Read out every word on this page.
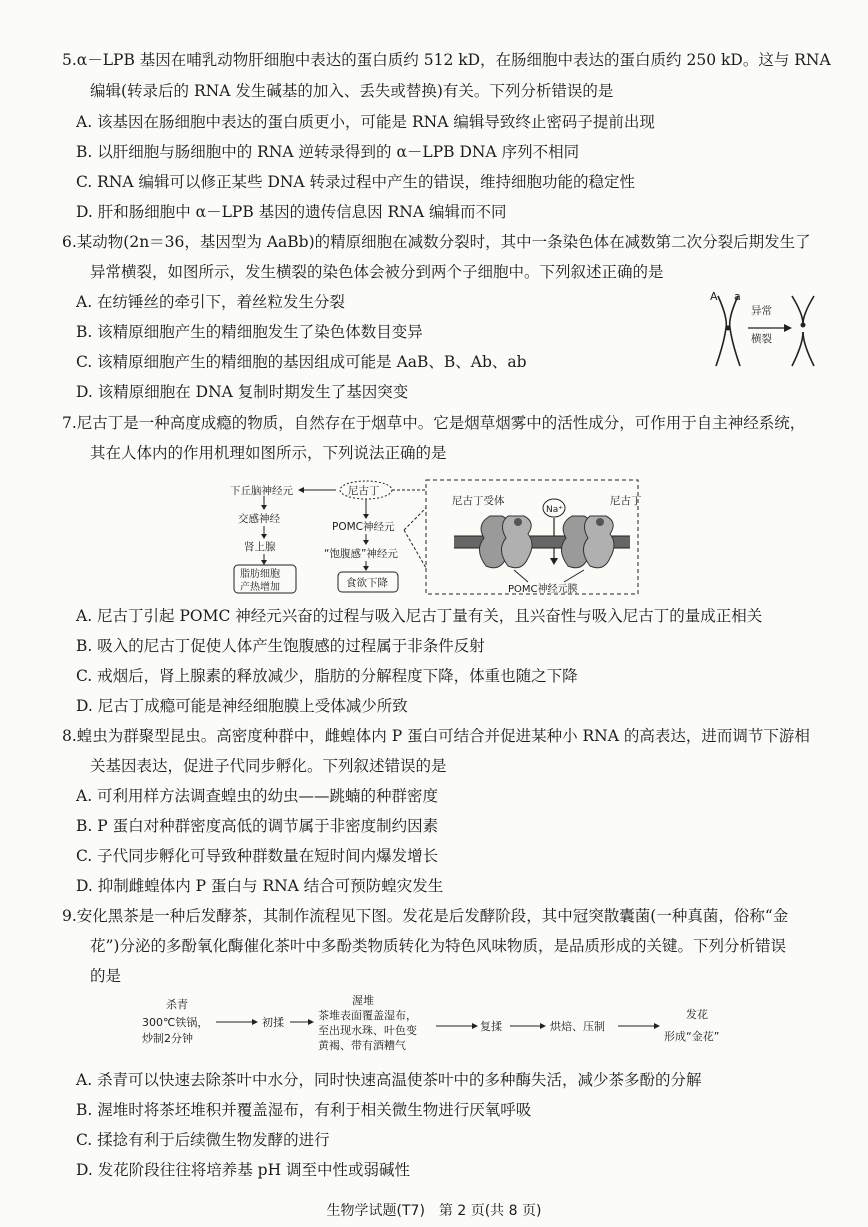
5.α－LPB 基因在哺乳动物肝细胞中表达的蛋白质约 512 kD，在肠细胞中表达的蛋白质约 250 kD。这与 RNA
编辑(转录后的 RNA 发生碱基的加入、丢失或替换)有关。下列分析错误的是
A. 该基因在肠细胞中表达的蛋白质更小，可能是 RNA 编辑导致终止密码子提前出现
B. 以肝细胞与肠细胞中的 RNA 逆转录得到的 α－LPB DNA 序列不相同
C. RNA 编辑可以修正某些 DNA 转录过程中产生的错误，维持细胞功能的稳定性
D. 肝和肠细胞中 α－LPB 基因的遗传信息因 RNA 编辑而不同
6.某动物(2n＝36，基因型为 AaBb)的精原细胞在减数分裂时，其中一条染色体在减数第二次分裂后期发生了
异常横裂，如图所示，发生横裂的染色体会被分到两个子细胞中。下列叙述正确的是
A. 在纺锤丝的牵引下，着丝粒发生分裂
B. 该精原细胞产生的精细胞发生了染色体数目变异
C. 该精原细胞产生的精细胞的基因组成可能是 AaB、B、Ab、ab
D. 该精原细胞在 DNA 复制时期发生了基因突变
A a
异常
横裂
7.尼古丁是一种高度成瘾的物质，自然存在于烟草中。它是烟草烟雾中的活性成分，可作用于自主神经系统，
其在人体内的作用机理如图所示，下列说法正确的是
下丘脑神经元	尼古丁
交感神经
肾上腺
脂肪细胞
产热增加
POMC神经元
“饱腹感”神经元
食欲下降
尼古丁受体	尼古丁
Na⁺
POMC神经元膜
A. 尼古丁引起 POMC 神经元兴奋的过程与吸入尼古丁量有关，且兴奋性与吸入尼古丁的量成正相关
B. 吸入的尼古丁促使人体产生饱腹感的过程属于非条件反射
C. 戒烟后，肾上腺素的释放减少，脂肪的分解程度下降，体重也随之下降
D. 尼古丁成瘾可能是神经细胞膜上受体减少所致
8.蝗虫为群聚型昆虫。高密度种群中，雌蝗体内 P 蛋白可结合并促进某种小 RNA 的高表达，进而调节下游相
关基因表达，促进子代同步孵化。下列叙述错误的是
A. 可利用样方法调查蝗虫的幼虫——跳蝻的种群密度
B. P 蛋白对种群密度高低的调节属于非密度制约因素
C. 子代同步孵化可导致种群数量在短时间内爆发增长
D. 抑制雌蝗体内 P 蛋白与 RNA 结合可预防蝗灾发生
9.安化黑茶是一种后发酵茶，其制作流程见下图。发花是后发酵阶段，其中冠突散囊菌(一种真菌，俗称“金
花”)分泌的多酚氧化酶催化茶叶中多酚类物质转化为特色风味物质，是品质形成的关键。下列分析错误
的是
杀青
300℃铁锅，
炒制2分钟
初揉
渥堆
茶堆表面覆盖湿布，
至出现水珠、叶色变
黄褐、带有酒糟气
复揉	烘焙、压制
发花
形成“金花”
A. 杀青可以快速去除茶叶中水分，同时快速高温使茶叶中的多种酶失活，减少茶多酚的分解
B. 渥堆时将茶坯堆积并覆盖湿布，有利于相关微生物进行厌氧呼吸
C. 揉捻有利于后续微生物发酵的进行
D. 发花阶段往往将培养基 pH 调至中性或弱碱性
生物学试题(T7)　第 2 页(共 8 页)
